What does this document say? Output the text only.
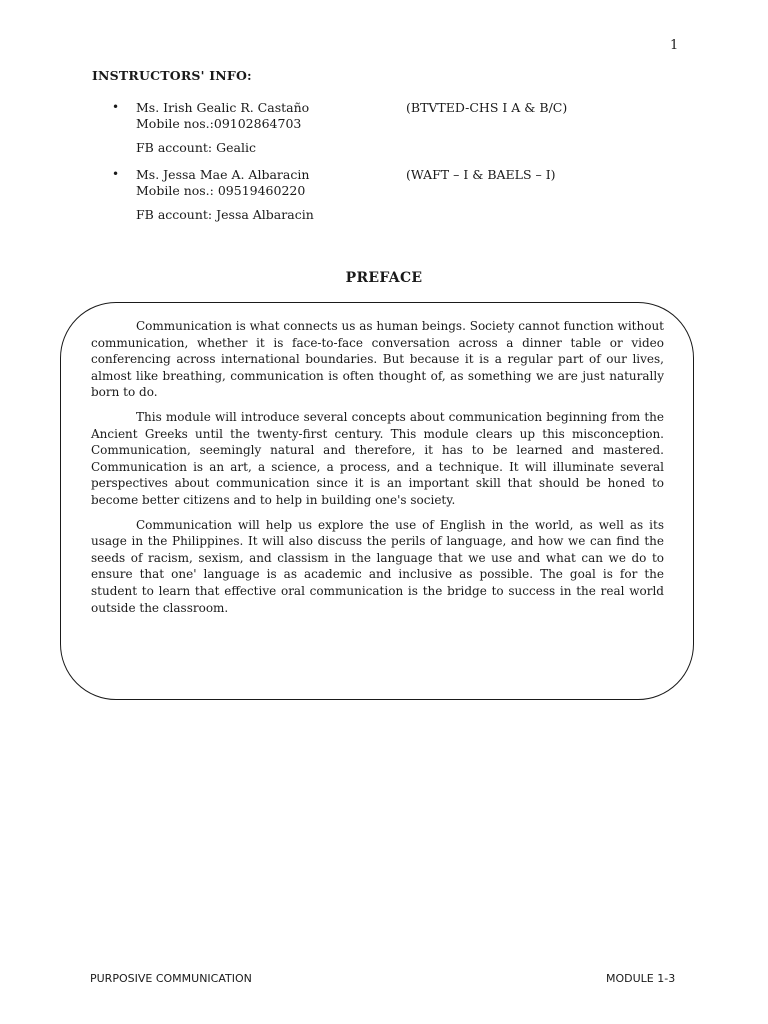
1
INSTRUCTORS' INFO:
• Ms. Irish Gealic R. Castaño	(BTVTED-CHS I A & B/C)
Mobile nos.:09102864703
FB account: Gealic
• Ms. Jessa Mae A. Albaracin	(WAFT – I & BAELS – I)
Mobile nos.: 09519460220
FB account: Jessa Albaracin
PREFACE

Communication is what connects us as human beings. Society cannot function without communication, whether it is face-to-face conversation across a dinner table or video conferencing across international boundaries. But because it is a regular part of our lives, almost like breathing, communication is often thought of, as something we are just naturally born to do.

This module will introduce several concepts about communication beginning from the Ancient Greeks until the twenty-first century. This module clears up this misconception. Communication, seemingly natural and therefore, it has to be learned and mastered. Communication is an art, a science, a process, and a technique. It will illuminate several perspectives about communication since it is an important skill that should be honed to become better citizens and to help in building one's society.

Communication will help us explore the use of English in the world, as well as its usage in the Philippines. It will also discuss the perils of language, and how we can find the seeds of racism, sexism, and classism in the language that we use and what can we do to ensure that one' language is as academic and inclusive as possible. The goal is for the student to learn that effective oral communication is the bridge to success in the real world outside the classroom.

PURPOSIVE COMMUNICATION	MODULE 1-3
